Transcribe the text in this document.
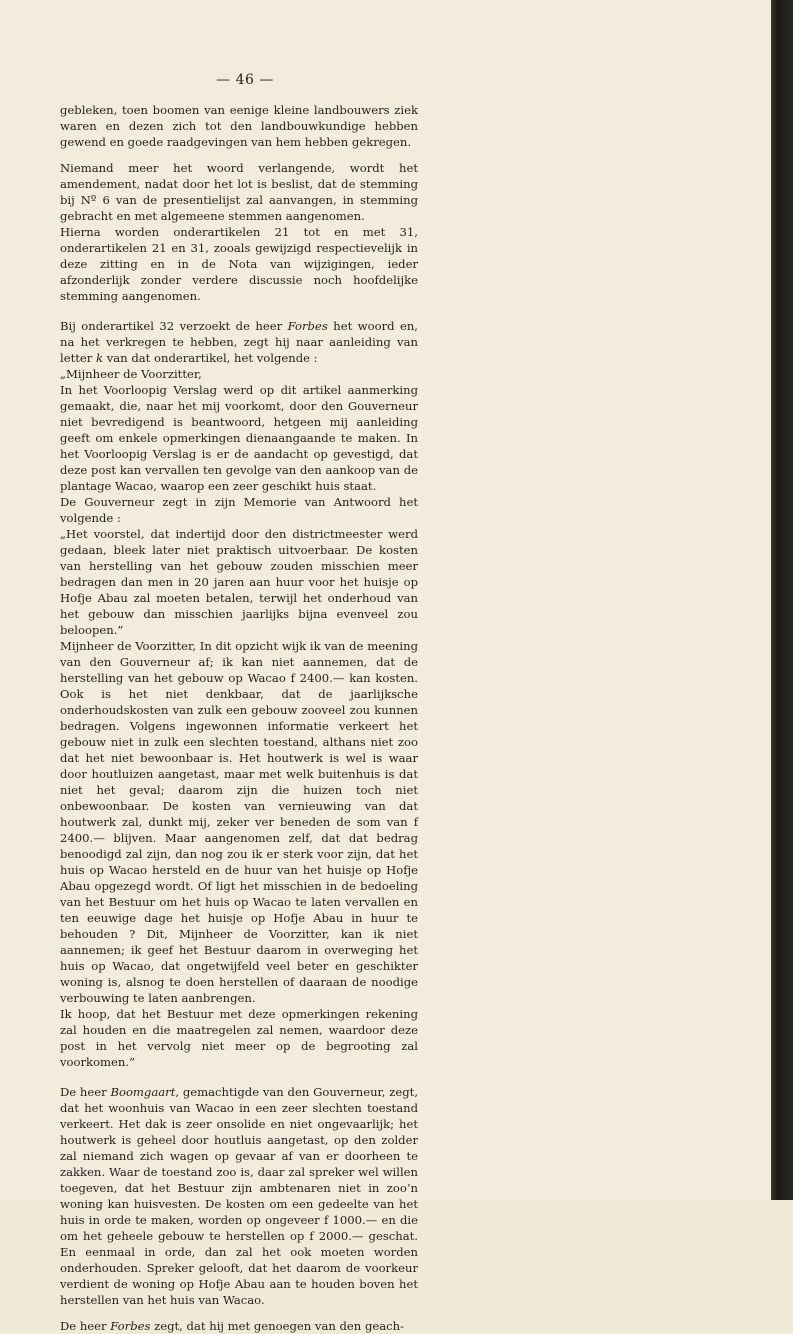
— 46 —

gebleken, toen boomen van eenige kleine landbouwers ziek waren en dezen zich tot den landbouwkundige hebben gewend en goede raadgevingen van hem hebben gekregen.

Niemand meer het woord verlangende, wordt het amendement, nadat door het lot is beslist, dat de stemming bij Nº 6 van de presentielijst zal aanvangen, in stemming gebracht en met algemeene stemmen aangenomen.

Hierna worden onderartikelen 21 tot en met 31, onderartikelen 21 en 31, zooals gewijzigd respectievelijk in deze zitting en in de Nota van wijzigingen, ieder afzonderlijk zonder verdere discussie noch hoofdelijke stemming aangenomen.

Bij onderartikel 32 verzoekt de heer Forbes het woord en, na het verkregen te hebben, zegt hij naar aanleiding van letter k van dat onderartikel, het volgende :

„Mijnheer de Voorzitter,

In het Voorloopig Verslag werd op dit artikel aanmerking gemaakt, die, naar het mij voorkomt, door den Gouverneur niet bevredigend is beantwoord, hetgeen mij aanleiding geeft om enkele opmerkingen dienaangaande te maken. In het Voorloopig Verslag is er de aandacht op gevestigd, dat deze post kan vervallen ten gevolge van den aankoop van de plantage Wacao, waarop een zeer geschikt huis staat.

De Gouverneur zegt in zijn Memorie van Antwoord het volgende :

„Het voorstel, dat indertijd door den districtmeester werd gedaan, bleek later niet praktisch uitvoerbaar. De kosten van herstelling van het gebouw zouden misschien meer bedragen dan men in 20 jaren aan huur voor het huisje op Hofje Abau zal moeten betalen, terwijl het onderhoud van het gebouw dan misschien jaarlijks bijna evenveel zou beloopen.”

Mijnheer de Voorzitter, In dit opzicht wijk ik van de meening van den Gouverneur af; ik kan niet aannemen, dat de herstelling van het gebouw op Wacao f 2400.— kan kosten. Ook is het niet denkbaar, dat de jaarlijksche onderhoudskosten van zulk een gebouw zooveel zou kunnen bedragen. Volgens ingewonnen informatie verkeert het gebouw niet in zulk een slechten toestand, althans niet zoo dat het niet bewoonbaar is. Het houtwerk is wel is waar door houtluizen aangetast, maar met welk buitenhuis is dat niet het geval; daarom zijn die huizen toch niet onbewoonbaar. De kosten van vernieuwing van dat houtwerk zal, dunkt mij, zeker ver beneden de som van f 2400.— blijven. Maar aangenomen zelf, dat dat bedrag benoodigd zal zijn, dan nog zou ik er sterk voor zijn, dat het huis op Wacao hersteld en de huur van het huisje op Hofje Abau opgezegd wordt. Of ligt het misschien in de bedoeling van het Bestuur om het huis op Wacao te laten vervallen en ten eeuwige dage het huisje op Hofje Abau in huur te behouden ? Dit, Mijnheer de Voorzitter, kan ik niet aannemen; ik geef het Bestuur daarom in overweging het huis op Wacao, dat ongetwijfeld veel beter en geschikter woning is, alsnog te doen herstellen of daaraan de noodige verbouwing te laten aanbrengen.

Ik hoop, dat het Bestuur met deze opmerkingen rekening zal houden en die maatregelen zal nemen, waardoor deze post in het vervolg niet meer op de begrooting zal voorkomen.”

De heer Boomgaart, gemachtigde van den Gouverneur, zegt, dat het woonhuis van Wacao in een zeer slechten toestand verkeert. Het dak is zeer onsolide en niet ongevaarlijk; het houtwerk is geheel door houtluis aangetast, op den zolder zal niemand zich wagen op gevaar af van er doorheen te zakken. Waar de toestand zoo is, daar zal spreker wel willen toegeven, dat het Bestuur zijn ambtenaren niet in zoo’n woning kan huisvesten. De kosten om een gedeelte van het huis in orde te maken, worden op ongeveer f 1000.— en die om het geheele gebouw te herstellen op f 2000.— geschat. En eenmaal in orde, dan zal het ook moeten worden onderhouden. Spreker gelooft, dat het daarom de voorkeur verdient de woning op Hofje Abau aan te houden boven het herstellen van het huis van Wacao.

De heer Forbes zegt, dat hij met genoegen van den geach-
